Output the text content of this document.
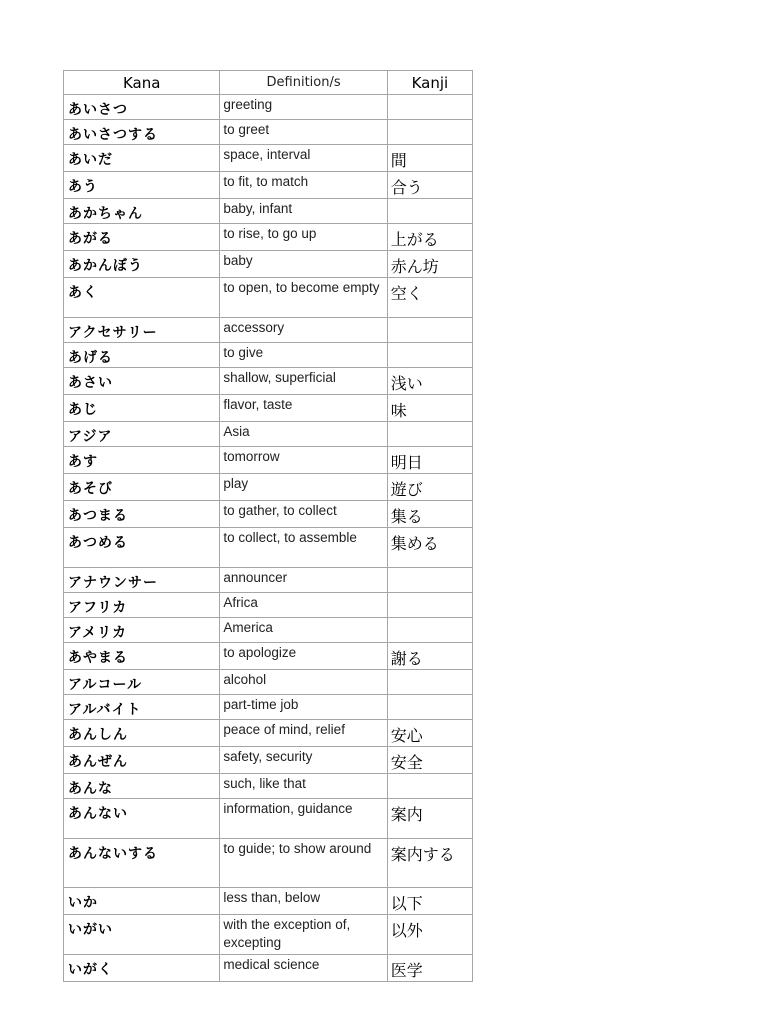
Kana	Definition/s	Kanji
あいさつ	greeting	
あいさつする	to greet	
あいだ	space, interval	間
あう	to fit, to match	合う
あかちゃん	baby, infant	
あがる	to rise, to go up	上がる
あかんぼう	baby	赤ん坊
あく	to open, to become empty	空く
アクセサリー	accessory	
あげる	to give	
あさい	shallow, superficial	浅い
あじ	flavor, taste	味
アジア	Asia	
あす	tomorrow	明日
あそび	play	遊び
あつまる	to gather, to collect	集る
あつめる	to collect, to assemble	集める
アナウンサー	announcer	
アフリカ	Africa	
アメリカ	America	
あやまる	to apologize	謝る
アルコール	alcohol	
アルバイト	part-time job	
あんしん	peace of mind, relief	安心
あんぜん	safety, security	安全
あんな	such, like that	
あんない	information, guidance	案内
あんないする	to guide; to show around	案内する
いか	less than, below	以下
いがい	with the exception of, excepting	以外
いがく	medical science	医学
